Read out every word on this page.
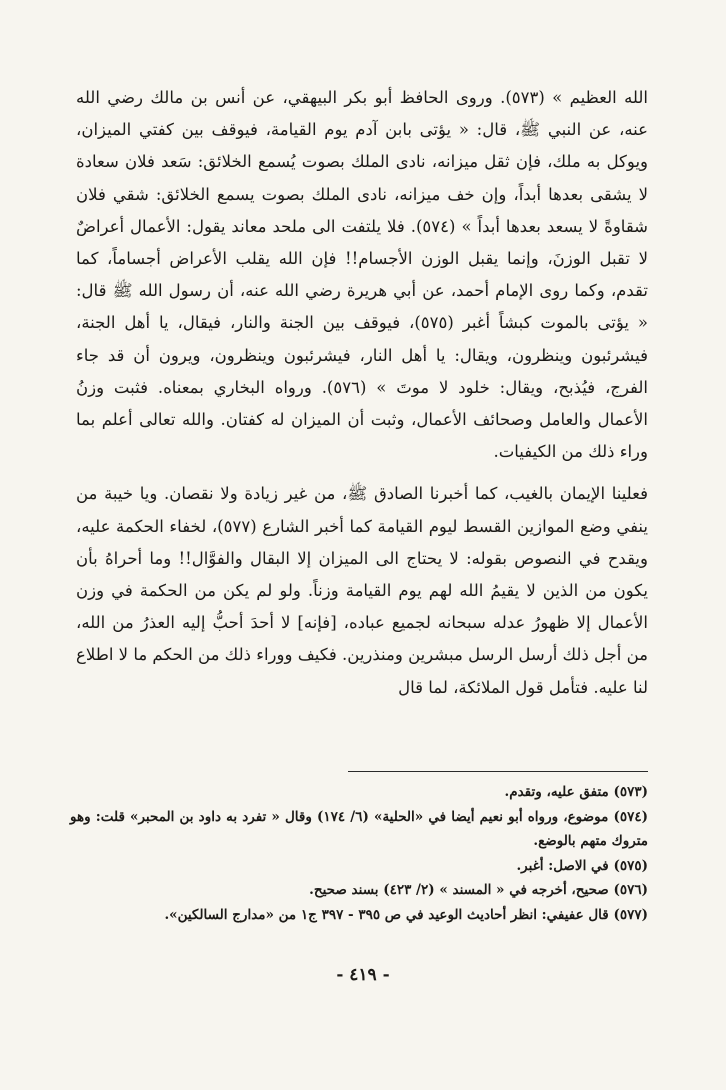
الله العظيم » (٥٧٣). وروى الحافظ أبو بكر البيهقي، عن أنس بن مالك رضي الله عنه، عن النبي ﷺ، قال: « يؤتى بابن آدم يوم القيامة، فيوقف بين كفتي الميزان، ويوكل به ملك، فإن ثقل ميزانه، نادى الملك بصوت يُسمع الخلائق: سَعد فلان سعادة لا يشقى بعدها أبداً، وإن خف ميزانه، نادى الملك بصوت يسمع الخلائق: شقي فلان شقاوةً لا يسعد بعدها أبداً » (٥٧٤). فلا يلتفت الى ملحد معاند يقول: الأعمال أعراضٌ لا تقبل الوزنَ، وإنما يقبل الوزن الأجسام!! فإن الله يقلب الأعراض أجساماً، كما تقدم، وكما روى الإمام أحمد، عن أبي هريرة رضي الله عنه، أن رسول الله ﷺ قال: « يؤتى بالموت كبشاً أغبر (٥٧٥)، فيوقف بين الجنة والنار، فيقال، يا أهل الجنة، فيشرئبون وينظرون، ويقال: يا أهل النار، فيشرئبون وينظرون، ويرون أن قد جاء الفرج، فيُذبح، ويقال: خلود لا موتَ » (٥٧٦). ورواه البخاري بمعناه. فثبت وزنُ الأعمال والعامل وصحائف الأعمال، وثبت أن الميزان له كفتان. والله تعالى أعلم بما وراء ذلك من الكيفيات.

فعلينا الإيمان بالغيب، كما أخبرنا الصادق ﷺ، من غير زيادة ولا نقصان. ويا خيبة من ينفي وضع الموازين القسط ليوم القيامة كما أخبر الشارع (٥٧٧)، لخفاء الحكمة عليه، ويقدح في النصوص بقوله: لا يحتاج الى الميزان إلا البقال والفوَّال!! وما أحراهُ بأن يكون من الذين لا يقيمُ الله لهم يوم القيامة وزناً. ولو لم يكن من الحكمة في وزن الأعمال إلا ظهورُ عدله سبحانه لجميع عباده، [فإنه] لا أحدَ أحبُّ إليه العذرُ من الله، من أجل ذلك أرسل الرسل مبشرين ومنذرين. فكيف ووراء ذلك من الحكم ما لا اطلاع لنا عليه. فتأمل قول الملائكة، لما قال

(٥٧٣) متفق عليه، وتقدم.
(٥٧٤) موضوع، ورواه أبو نعيم أيضا في «الحلية» (٦/ ١٧٤) وقال « تفرد به داود بن المحبر» قلت: وهو متروك متهم بالوضع.
(٥٧٥) في الاصل: أغبر.
(٥٧٦) صحيح، أخرجه في « المسند » (٢/ ٤٢٣) بسند صحيح.
(٥٧٧) قال عفيفي: انظر أحاديث الوعيد في ص ٣٩٥ - ٣٩٧ ج١ من «مدارج السالكين».
- ٤١٩ -
